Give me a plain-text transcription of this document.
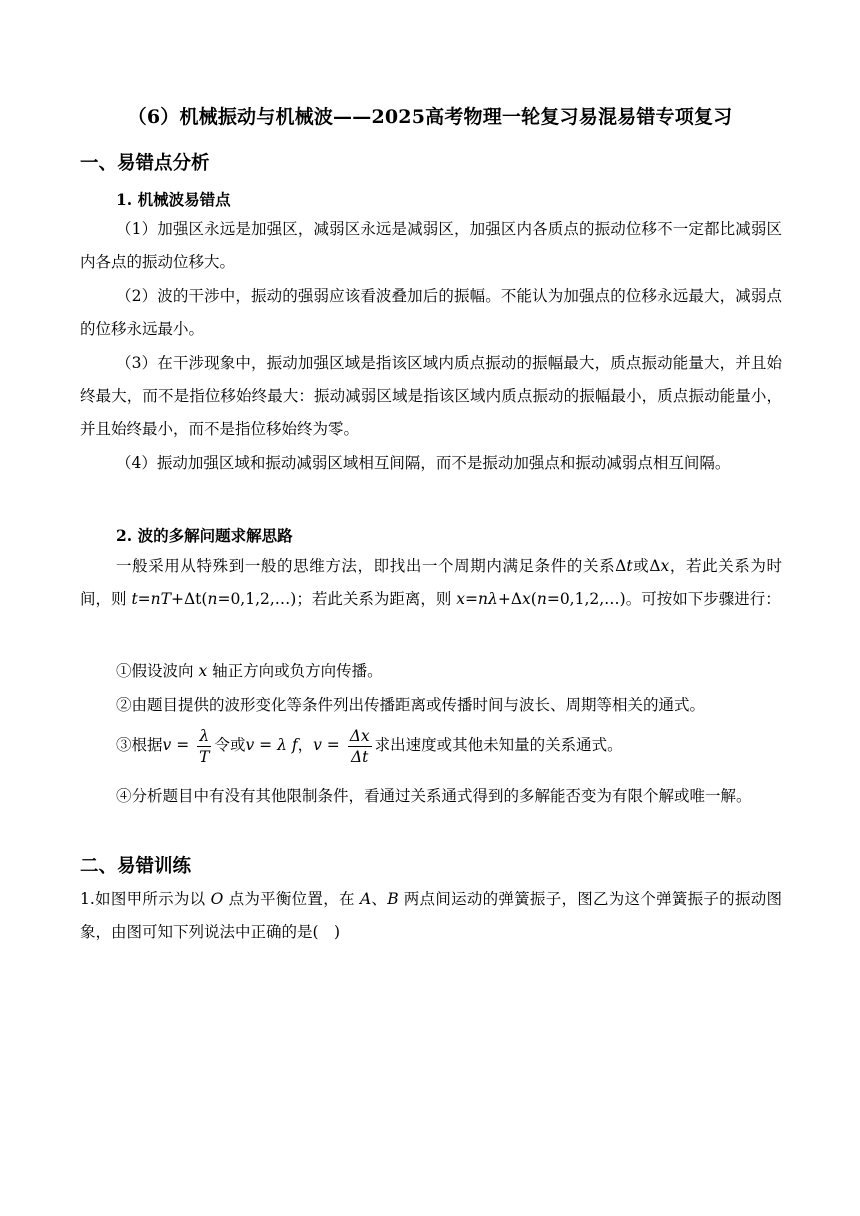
（6）机械振动与机械波——2025高考物理一轮复习易混易错专项复习
一、易错点分析
1. 机械波易错点
（1）加强区永远是加强区，减弱区永远是减弱区，加强区内各质点的振动位移不一定都比减弱区内各点的振动位移大。
（2）波的干涉中，振动的强弱应该看波叠加后的振幅。不能认为加强点的位移永远最大，减弱点的位移永远最小。
（3）在干涉现象中，振动加强区域是指该区域内质点振动的振幅最大，质点振动能量大，并且始终最大，而不是指位移始终最大：振动减弱区域是指该区域内质点振动的振幅最小，质点振动能量小，并且始终最小，而不是指位移始终为零。
（4）振动加强区域和振动减弱区域相互间隔，而不是振动加强点和振动减弱点相互间隔。
2. 波的多解问题求解思路
一般采用从特殊到一般的思维方法，即找出一个周期内满足条件的关系Δt或Δx，若此关系为时间，则 t=nT+Δt(n=0,1,2,…)；若此关系为距离，则 x=nλ+Δx(n=0,1,2,…)。可按如下步骤进行：
①假设波向 x 轴正方向或负方向传播。
②由题目提供的波形变化等条件列出传播距离或传播时间与波长、周期等相关的通式。
③根据$v = \frac{\lambda}{T}$ 令或v = λ f，$v = \frac{\Delta x}{\Delta t}$ 求出速度或其他未知量的关系通式。
④分析题目中有没有其他限制条件，看通过关系通式得到的多解能否变为有限个解或唯一解。
二、易错训练
1.如图甲所示为以 O 点为平衡位置，在 A、B 两点间运动的弹簧振子，图乙为这个弹簧振子的振动图象，由图可知下列说法中正确的是(　)
